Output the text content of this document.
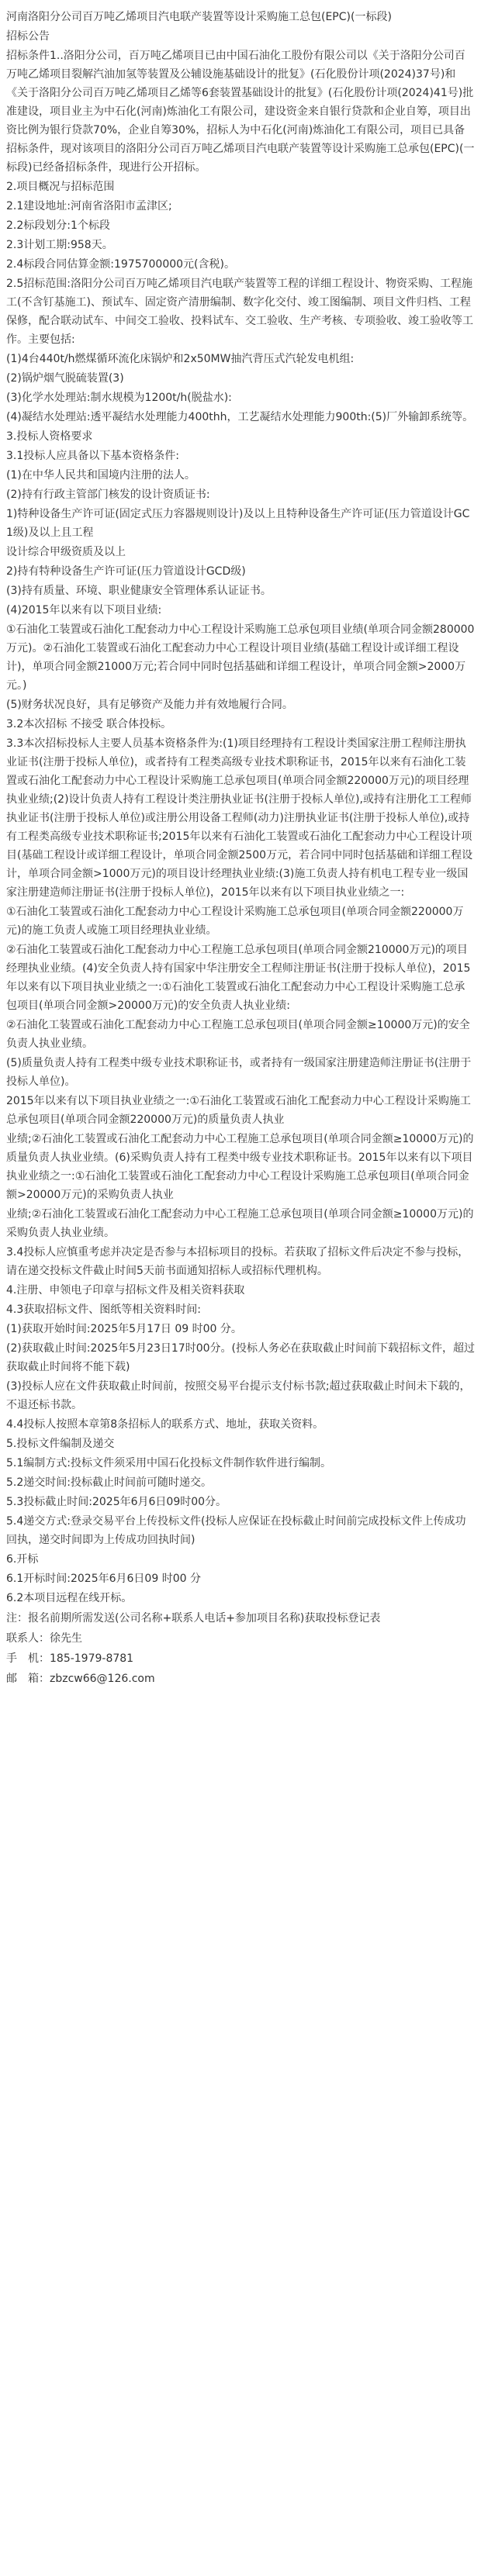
河南洛阳分公司百万吨乙烯项目汽电联产装置等设计采购施工总包(EPC)(一标段)

招标公告

招标条件1..洛阳分公司，百万吨乙烯项目已由中国石油化工股份有限公司以《关于洛阳分公司百万吨乙烯项目裂解汽油加氢等装置及公辅设施基础设计的批复》(石化股份计项(2024)37号)和《关于洛阳分公司百万吨乙烯项目乙烯等6套装置基础设计的批复》(石化股份计项(2024)41号)批准建设，项目业主为中石化(河南)炼油化工有限公司，建设资金来自银行贷款和企业自筹，项目出资比例为银行贷款70%，企业自筹30%，招标人为中石化(河南)炼油化工有限公司，项目已具备招标条件，现对该项目的洛阳分公司百万吨乙烯项目汽电联产装置等设计采购施工总承包(EPC)(一标段)已经备招标条件，现进行公开招标。

2.项目概况与招标范围

2.1建设地址:河南省洛阳市孟津区;

2.2标段划分:1个标段

2.3计划工期:958天。

2.4标段合同估算金额:1975700000元(含税)。

2.5招标范围:洛阳分公司百万吨乙烯项目汽电联产装置等工程的详细工程设计、物资采购、工程施工(不含钉基施工)、预试车、固定资产清册编制、数字化交付、竣工图编制、项目文件归档、工程保修，配合联动试车、中间交工验收、投料试车、交工验收、生产考核、专项验收、竣工验收等工作。主要包括:

(1)4台440t/h燃煤循环流化床锅炉和2x50MW抽汽背压式汽轮发电机组:

(2)锅炉烟气脱硫装置(3)

(3)化学水处理站:制水规模为1200t/h(脱盐水):

(4)凝结水处理站:透平凝结水处理能力400thh，工艺凝结水处理能力900th:(5)厂外输卸系统等。

3.投标人资格要求

3.1投标人应具备以下基本资格条件:

(1)在中华人民共和国境内注册的法人。

(2)持有行政主管部门核发的设计资质证书:

1)特种设备生产许可证(固定式压力容器规则设计)及以上且特种设备生产许可证(压力管道设计GC1级)及以上且工程

设计综合甲级资质及以上

2)持有特种设备生产许可证(压力管道设计GCD级)

(3)持有质量、环境、职业健康安全管理体系认证证书。

(4)2015年以来有以下项目业绩:

①石油化工装置或石油化工配套动力中心工程设计采购施工总承包项目业绩(单项合同金额280000万元)。②石油化工装置或石油化工配套动力中心工程设计项目业绩(基础工程设计或详细工程设计)，单项合同金额21000万元;若合同中同时包括基础和详细工程设计，单项合同金额>2000万元。)

(5)财务状况良好，具有足够资产及能力并有效地履行合同。

3.2本次招标 不接受 联合体投标。

3.3本次招标投标人主要人员基本资格条件为:(1)项目经理持有工程设计类国家注册工程师注册执业证书(注册于投标人单位)，或者持有工程类高级专业技术职称证书，2015年以来有石油化工装置或石油化工配套动力中心工程设计采购施工总承包项目(单项合同金额220000万元)的项目经理执业业绩;(2)设计负责人持有工程设计类注册执业证书(注册于投标人单位),或持有注册化工工程师执业证书(注册于投标人单位)或注册公用设备工程师(动力)注册执业证书(注册于投标人单位),或持有工程类高级专业技术职称证书;2015年以来有石油化工装置或石油化工配套动力中心工程设计项目(基础工程设计或详细工程设计，单项合同金额2500万元，若合同中同时包括基础和详细工程设计，单项合同金额>1000万元)的项目设计经理执业业绩:(3)施工负责人持有机电工程专业一级国家注册建造师注册证书(注册于投标人单位)，2015年以来有以下项目执业业绩之一:

①石油化工装置或石油化工配套动力中心工程设计采购施工总承包项目(单项合同金额220000万元)的施工负责人或施工项目经理执业业绩。

②石油化工装置或石油化工配套动力中心工程施工总承包项目(单项合同金额210000万元)的项目经理执业业绩。(4)安全负责人持有国家中华注册安全工程师注册证书(注册于投标人单位)，2015年以来有以下项目执业业绩之一:①石油化工装置或石油化工配套动力中心工程设计采购施工总承包项目(单项合同金额>20000万元)的安全负责人执业业绩:

②石油化工装置或石油化工配套动力中心工程施工总承包项目(单项合同金额≥10000万元)的安全负责人执业业绩。

(5)质量负责人持有工程类中级专业技术职称证书，或者持有一级国家注册建造师注册证书(注册于投标人单位)。

2015年以来有以下项目执业业绩之一:①石油化工装置或石油化工配套动力中心工程设计采购施工总承包项目(单项合同金额220000万元)的质量负责人执业

业绩;②石油化工装置或石油化工配套动力中心工程施工总承包项目(单项合同金额≥10000万元)的质量负责人执业业绩。(6)采购负责人持有工程类中级专业技术职称证书。2015年以来有以下项目执业业绩之一:①石油化工装置或石油化工配套动力中心工程设计采购施工总承包项目(单项合同金额>20000万元)的采购负责人执业

业绩;②石油化工装置或石油化工配套动力中心工程施工总承包项目(单项合同金额≥10000万元)的采购负责人执业业绩。

3.4投标人应慎重考虑并决定是否参与本招标项目的投标。若获取了招标文件后决定不参与投标，请在递交投标文件截止时间5天前书面通知招标人或招标代理机构。

4.注册、申领电子印章与招标文件及相关资料获取

4.3获取招标文件、图纸等相关资料时间:

(1)获取开始时间:2025年5月17日 09 时00 分。

(2)获取截止时间:2025年5月23日17时00分。(投标人务必在获取截止时间前下载招标文件，超过获取截止时间将不能下载)

(3)投标人应在文件获取截止时间前，按照交易平台提示支付标书款;超过获取截止时间未下载的，不退还标书款。

4.4投标人按照本章第8条招标人的联系方式、地址，获取关资料。

5.投标文件编制及递交

5.1编制方式:投标文件须采用中国石化投标文件制作软件进行编制。

5.2递交时间:投标截止时间前可随时递交。

5.3投标截止时间:2025年6月6日09时00分。

5.4递交方式:登录交易平台上传投标文件(投标人应保证在投标截止时间前完成投标文件上传成功回执，递交时间即为上传成功回执时间)

6.开标

6.1开标时间:2025年6月6日09 时00 分

6.2本项目远程在线开标。

注：报名前期所需发送(公司名称+联系人电话+参加项目名称)获取投标登记表

联系人：徐先生

手　机：185-1979-8781

邮　箱：zbzcw66@126.com
